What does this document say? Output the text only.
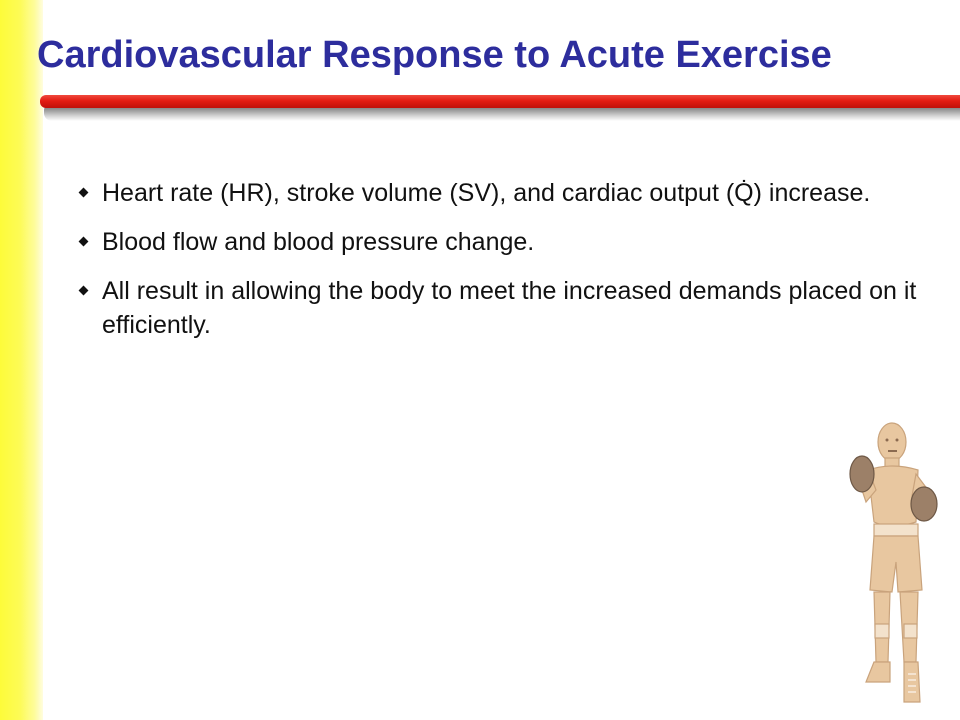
Cardiovascular Response to Acute Exercise
Heart rate (HR), stroke volume (SV), and cardiac output (Q̇) increase.
Blood flow and blood pressure change.
All result in allowing the body to meet the increased demands placed on it efficiently.
